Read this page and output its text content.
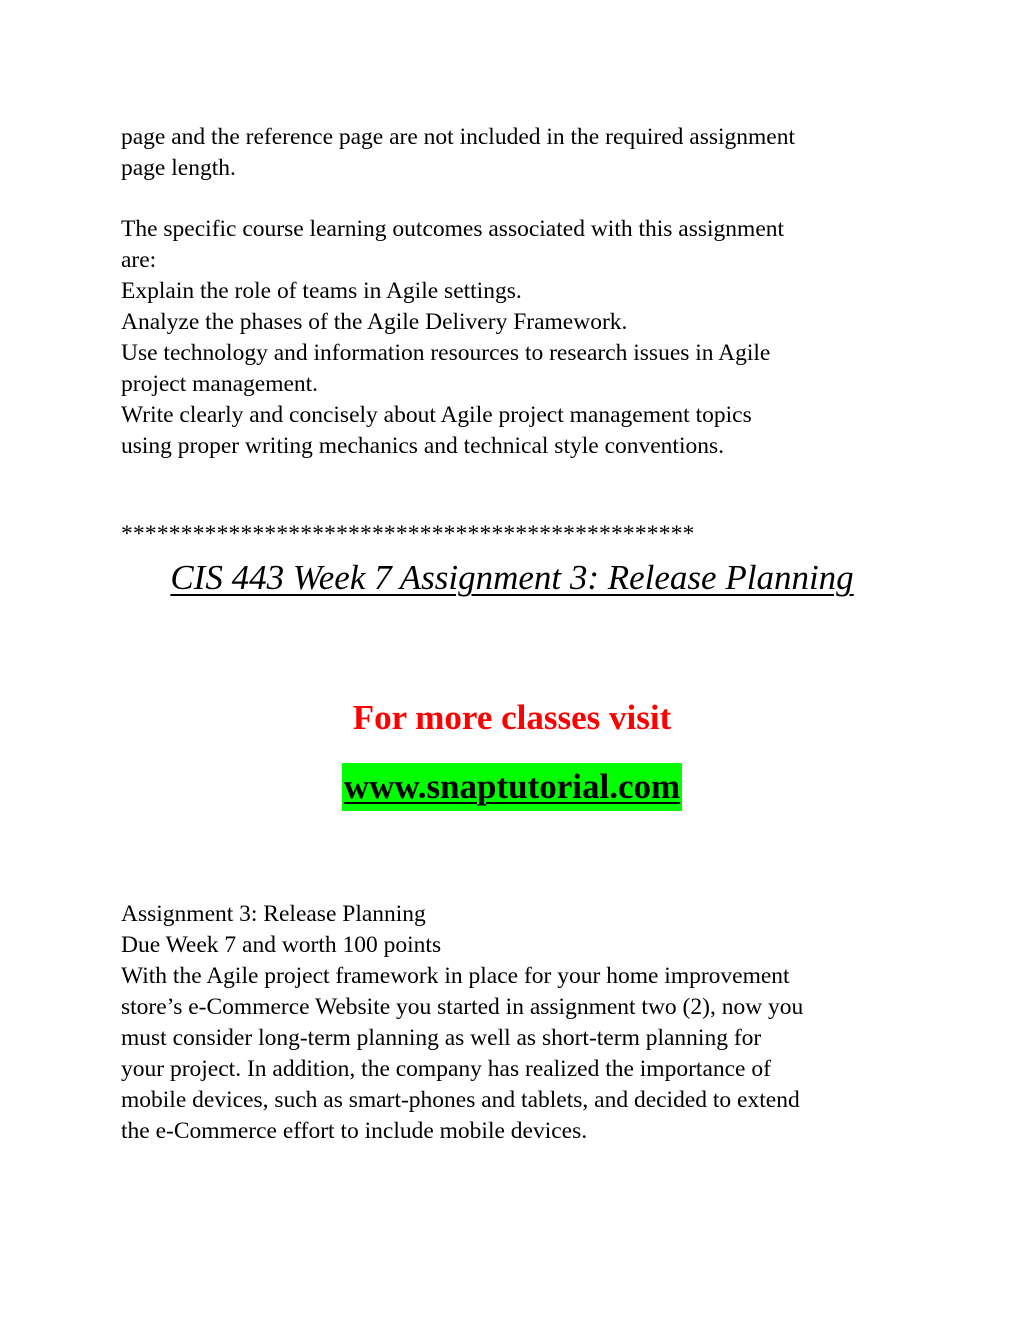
page and the reference page are not included in the required assignment
page length.

The specific course learning outcomes associated with this assignment
are:
Explain the role of teams in Agile settings.
Analyze the phases of the Agile Delivery Framework.
Use technology and information resources to research issues in Agile
project management.
Write clearly and concisely about Agile project management topics
using proper writing mechanics and technical style conventions.

************************************************
CIS 443 Week 7 Assignment 3: Release Planning
For more classes visit
www.snaptutorial.com

Assignment 3: Release Planning
Due Week 7 and worth 100 points
With the Agile project framework in place for your home improvement
store’s e-Commerce Website you started in assignment two (2), now you
must consider long-term planning as well as short-term planning for
your project. In addition, the company has realized the importance of
mobile devices, such as smart-phones and tablets, and decided to extend
the e-Commerce effort to include mobile devices.
